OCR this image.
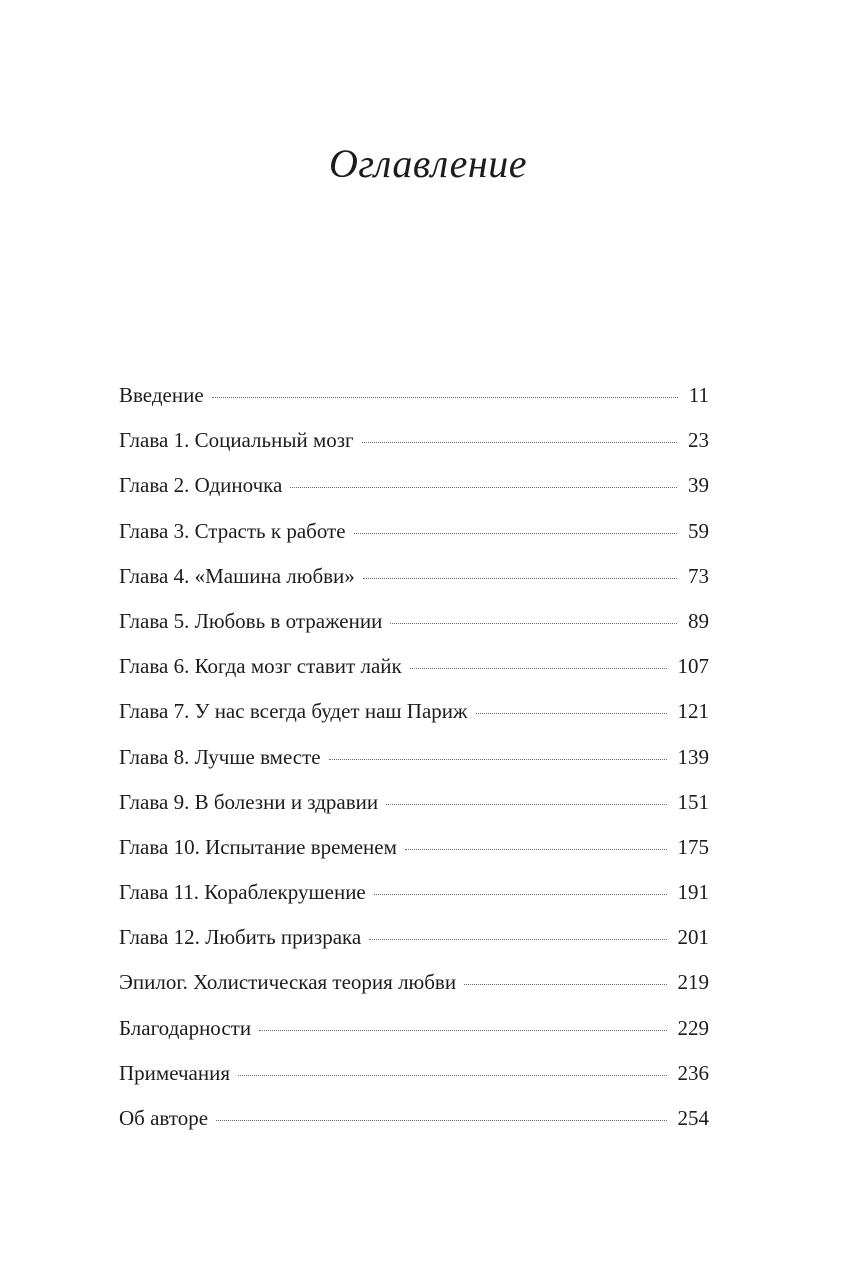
Оглавление
Введение	11
Глава 1. Социальный мозг	23
Глава 2. Одиночка	39
Глава 3. Страсть к работе	59
Глава 4. «Машина любви»	73
Глава 5. Любовь в отражении	89
Глава 6. Когда мозг ставит лайк	107
Глава 7. У нас всегда будет наш Париж	121
Глава 8. Лучше вместе	139
Глава 9. В болезни и здравии	151
Глава 10. Испытание временем	175
Глава 11. Кораблекрушение	191
Глава 12. Любить призрака	201
Эпилог. Холистическая теория любви	219
Благодарности	229
Примечания	236
Об авторе	254
